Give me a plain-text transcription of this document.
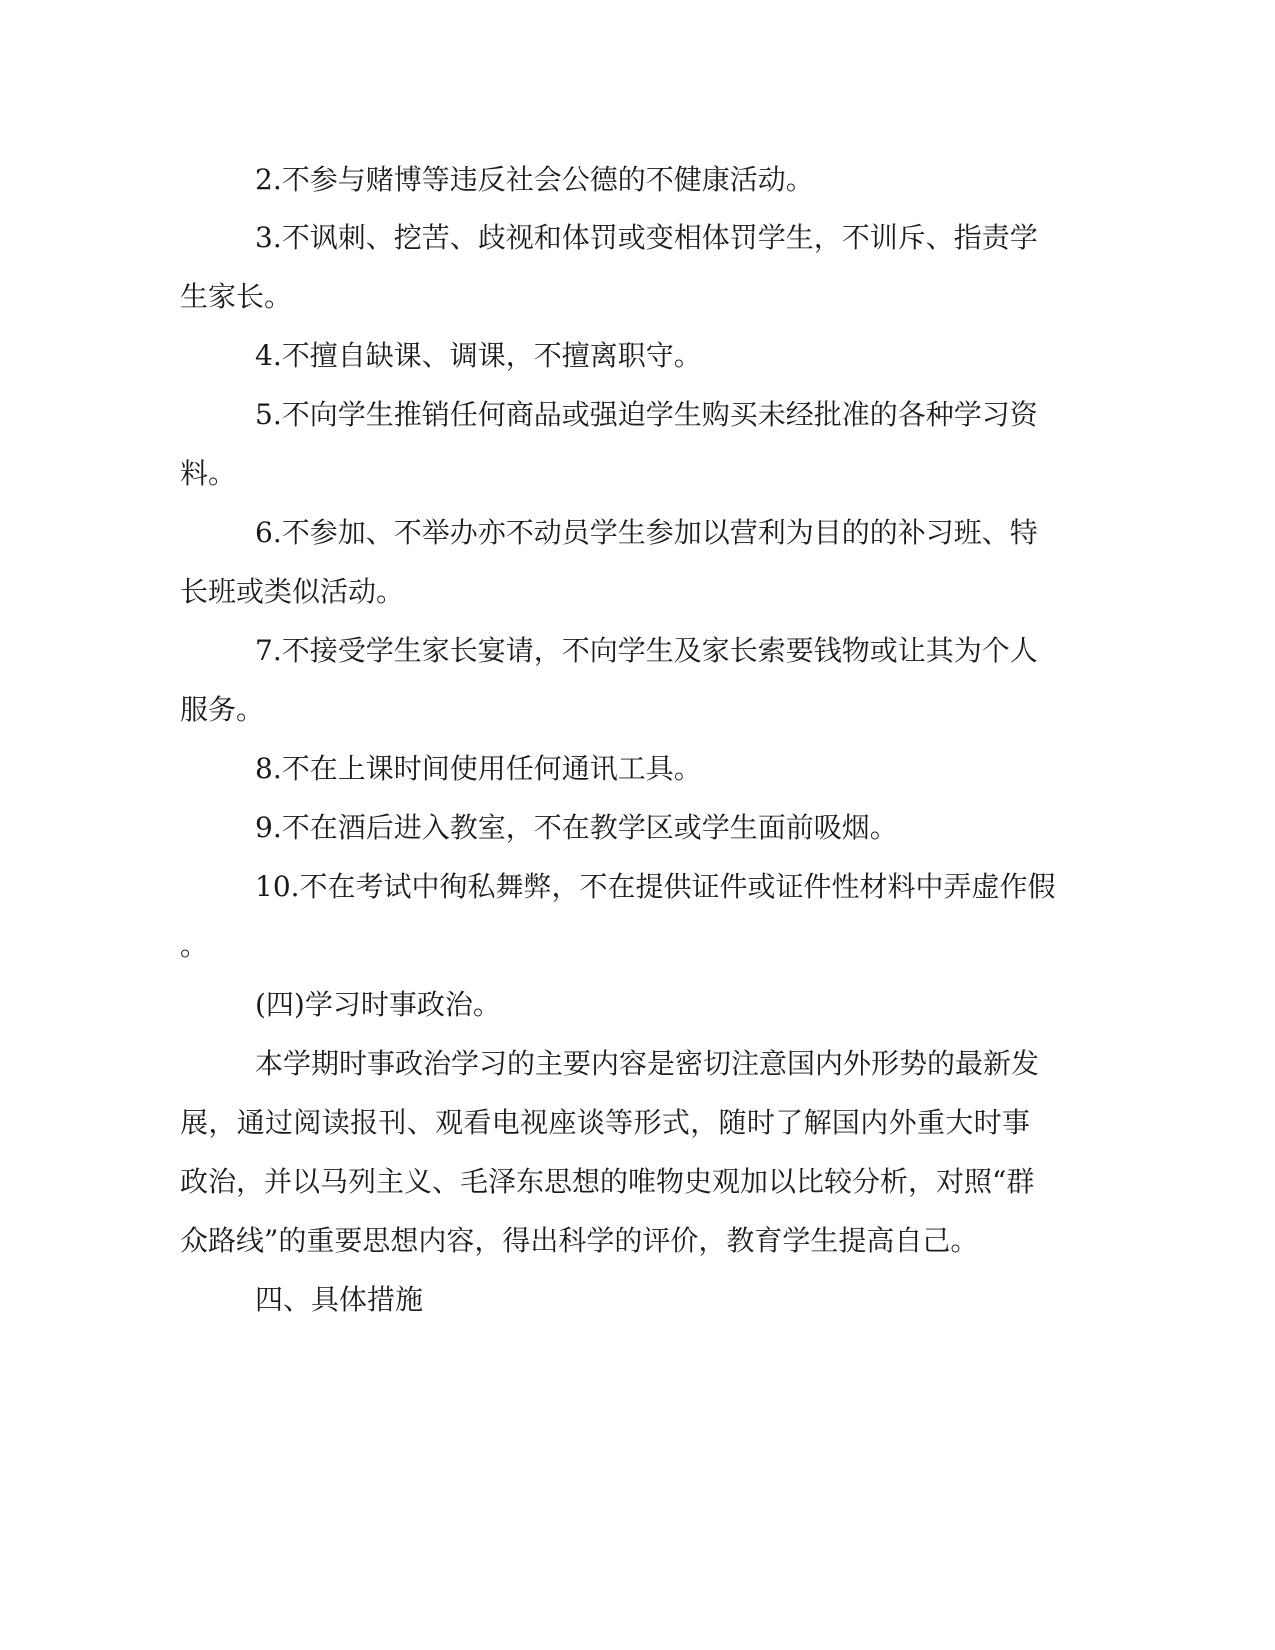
2.不参与赌博等违反社会公德的不健康活动。

3.不讽刺、挖苦、歧视和体罚或变相体罚学生，不训斥、指责学

生家长。

4.不擅自缺课、调课，不擅离职守。

5.不向学生推销任何商品或强迫学生购买未经批准的各种学习资

料。

6.不参加、不举办亦不动员学生参加以营利为目的的补习班、特

长班或类似活动。

7.不接受学生家长宴请，不向学生及家长索要钱物或让其为个人

服务。

8.不在上课时间使用任何通讯工具。

9.不在酒后进入教室，不在教学区或学生面前吸烟。

10.不在考试中徇私舞弊，不在提供证件或证件性材料中弄虚作假

。

(四)学习时事政治。

本学期时事政治学习的主要内容是密切注意国内外形势的最新发

展，通过阅读报刊、观看电视座谈等形式，随时了解国内外重大时事

政治，并以马列主义、毛泽东思想的唯物史观加以比较分析，对照“群

众路线”的重要思想内容，得出科学的评价，教育学生提高自己。

四、具体措施
